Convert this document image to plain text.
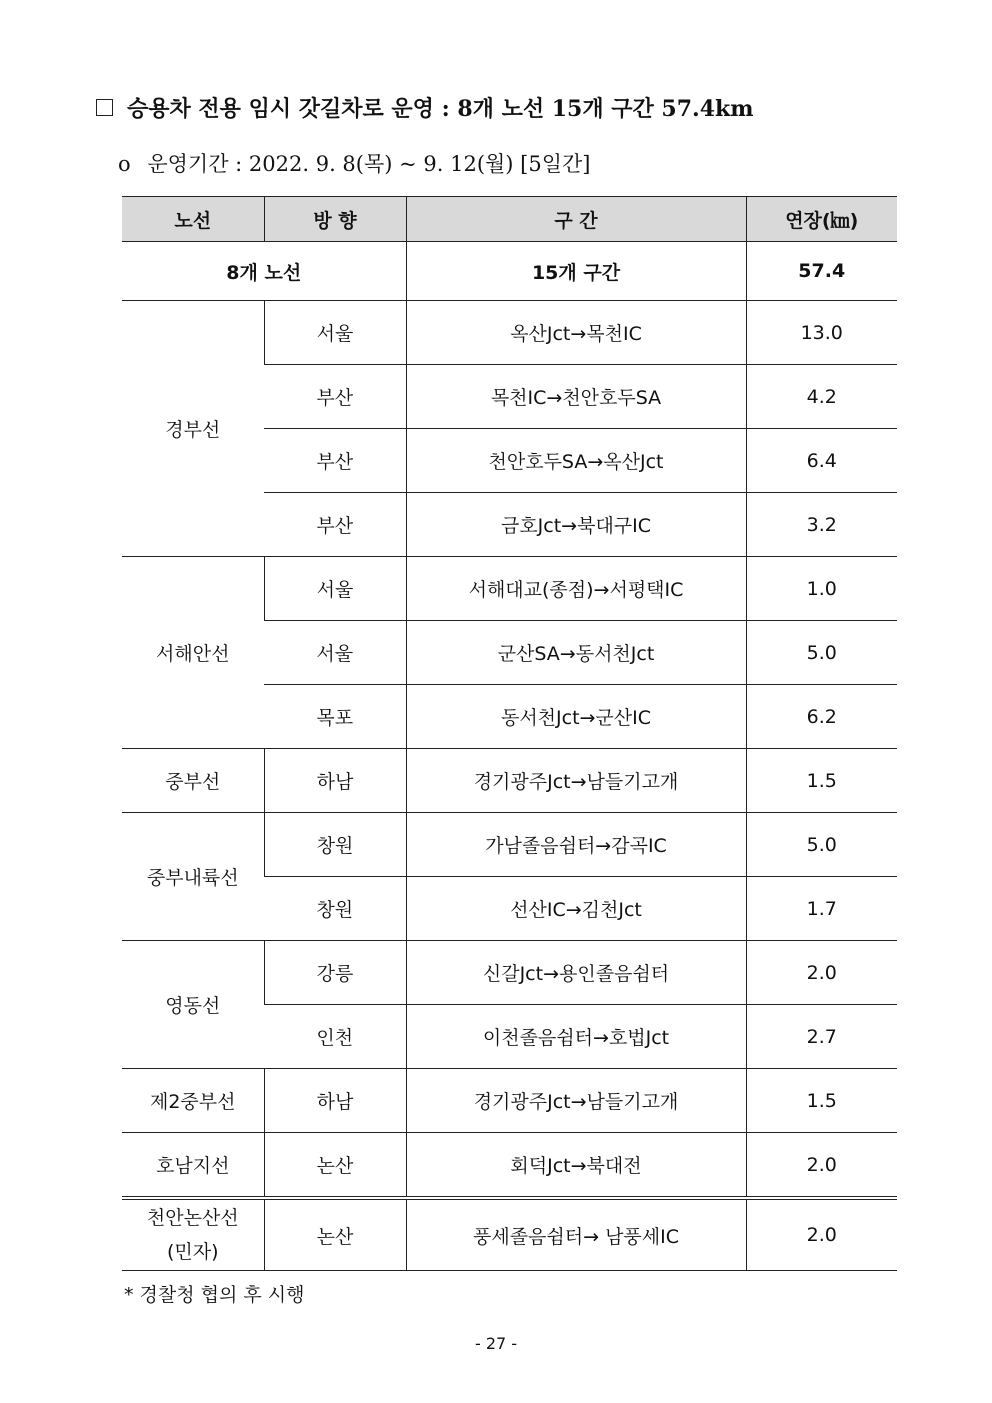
승용차 전용 임시 갓길차로 운영 : 8개 노선 15개 구간 57.4km
o 운영기간 : 2022. 9. 8(목) ~ 9. 12(월) [5일간]
노선	방 향	구 간	연장(㎞)
8개 노선		15개 구간	57.4
경부선	서울	옥산Jct→목천IC	13.0
	부산	목천IC→천안호두SA	4.2
	부산	천안호두SA→옥산Jct	6.4
	부산	금호Jct→북대구IC	3.2
서해안선	서울	서해대교(종점)→서평택IC	1.0
	서울	군산SA→동서천Jct	5.0
	목포	동서천Jct→군산IC	6.2
중부선	하남	경기광주Jct→남들기고개	1.5
중부내륙선	창원	가남졸음쉼터→감곡IC	5.0
	창원	선산IC→김천Jct	1.7
영동선	강릉	신갈Jct→용인졸음쉼터	2.0
	인천	이천졸음쉼터→호법Jct	2.7
제2중부선	하남	경기광주Jct→남들기고개	1.5
호남지선	논산	회덕Jct→북대전	2.0

천안논산선
(민자)	논산	풍세졸음쉼터→ 남풍세IC	2.0
* 경찰청 협의 후 시행
- 27 -
